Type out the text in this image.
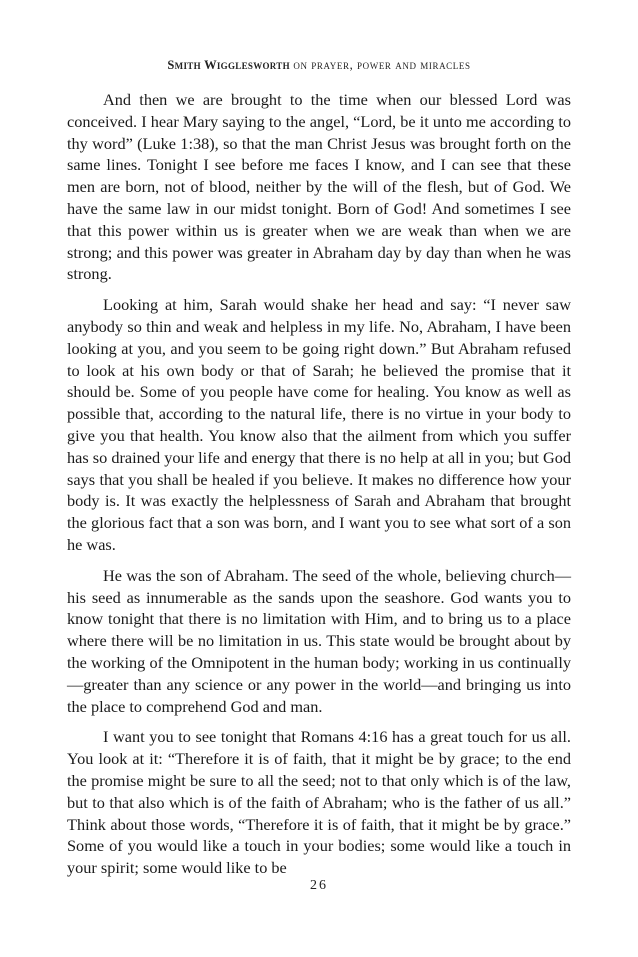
Smith Wigglesworth on prayer, power and miracles

And then we are brought to the time when our blessed Lord was conceived. I hear Mary saying to the angel, “Lord, be it unto me according to thy word” (Luke 1:38), so that the man Christ Jesus was brought forth on the same lines. Tonight I see before me faces I know, and I can see that these men are born, not of blood, neither by the will of the flesh, but of God. We have the same law in our midst tonight. Born of God! And sometimes I see that this power within us is greater when we are weak than when we are strong; and this power was greater in Abraham day by day than when he was strong.

Looking at him, Sarah would shake her head and say: “I never saw anybody so thin and weak and helpless in my life. No, Abraham, I have been looking at you, and you seem to be going right down.” But Abraham refused to look at his own body or that of Sarah; he believed the promise that it should be. Some of you people have come for healing. You know as well as possible that, according to the natural life, there is no virtue in your body to give you that health. You know also that the ailment from which you suffer has so drained your life and energy that there is no help at all in you; but God says that you shall be healed if you believe. It makes no difference how your body is. It was exactly the helplessness of Sarah and Abraham that brought the glorious fact that a son was born, and I want you to see what sort of a son he was.

He was the son of Abraham. The seed of the whole, believing church—his seed as innumerable as the sands upon the seashore. God wants you to know tonight that there is no limitation with Him, and to bring us to a place where there will be no limitation in us. This state would be brought about by the working of the Omnipotent in the human body; working in us continually—greater than any science or any power in the world—and bringing us into the place to comprehend God and man.

I want you to see tonight that Romans 4:16 has a great touch for us all. You look at it: “Therefore it is of faith, that it might be by grace; to the end the promise might be sure to all the seed; not to that only which is of the law, but to that also which is of the faith of Abraham; who is the father of us all.” Think about those words, “Therefore it is of faith, that it might be by grace.” Some of you would like a touch in your bodies; some would like a touch in your spirit; some would like to be

26
